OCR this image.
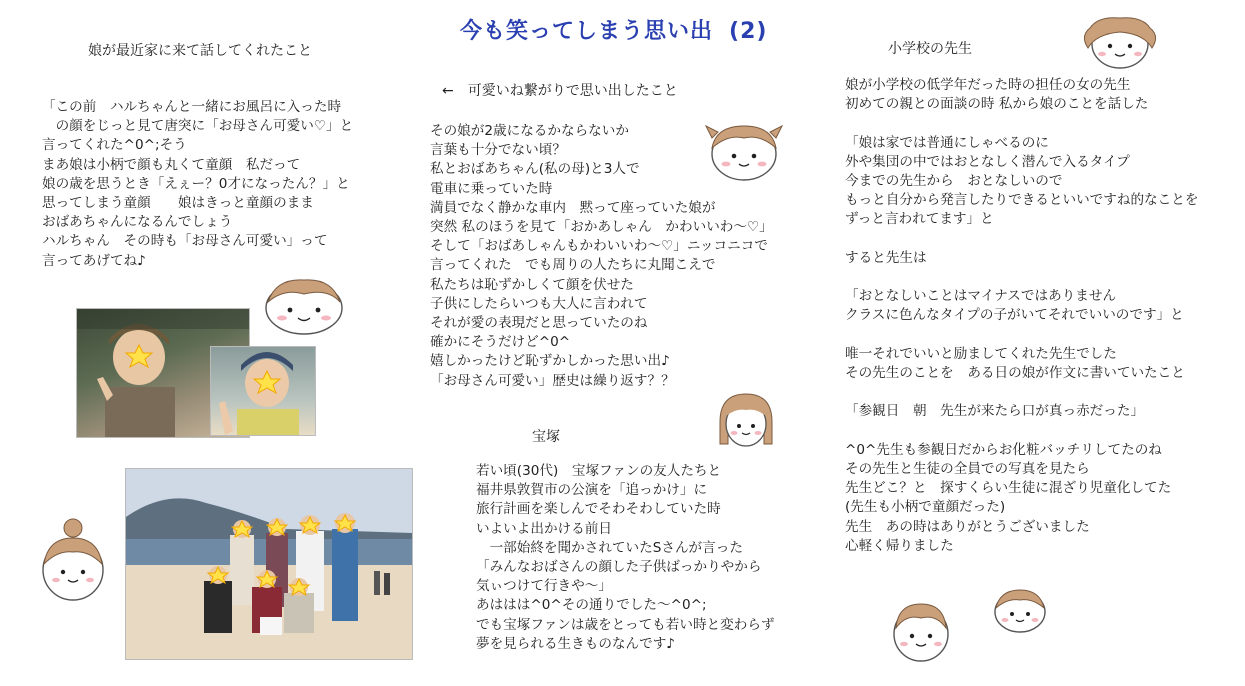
今も笑ってしまう思い出 (2)
娘が最近家に来て話してくれたこと
「この前　ハルちゃんと一緒にお風呂に入った時
　の顔をじっと見て唐突に「お母さん可愛い♡」と
言ってくれた^0^;そう
まあ娘は小柄で顔も丸くて童顔　私だって
娘の歳を思うとき「えぇー？0才になったん？」と
思ってしまう童顔　　娘はきっと童顔のまま
おばあちゃんになるんでしょう
ハルちゃん　その時も「お母さん可愛い」って
言ってあげてね♪
←　可愛いね繋がりで思い出したこと
その娘が2歳になるかならないか
言葉も十分でない頃？
私とおばあちゃん(私の母)と3人で
電車に乗っていた時
満員でなく静かな車内　黙って座っていた娘が
突然 私のほうを見て「おかあしゃん　かわいいわ～♡」
そして「おばあしゃんもかわいいわ～♡」ニッコニコで
言ってくれた　でも周りの人たちに丸聞こえで
私たちは恥ずかしくて顔を伏せた
子供にしたらいつも大人に言われて
それが愛の表現だと思っていたのね
確かにそうだけど^0^
嬉しかったけど恥ずかしかった思い出♪
「お母さん可愛い」歴史は繰り返す？？
宝塚
若い頃(30代)　宝塚ファンの友人たちと
福井県敦賀市の公演を「追っかけ」に
旅行計画を楽しんでそわそわしていた時
いよいよ出かける前日
　一部始終を聞かされていたSさんが言った
「みんなおばさんの顔した子供ばっかりやから
気ぃつけて行きや～」
あははは^0^その通りでした～^0^;
でも宝塚ファンは歳をとっても若い時と変わらず
夢を見られる生きものなんです♪
小学校の先生
娘が小学校の低学年だった時の担任の女の先生
初めての親との面談の時 私から娘のことを話した

「娘は家では普通にしゃべるのに
外や集団の中ではおとなしく潜んで入るタイプ
今までの先生から　おとなしいので
もっと自分から発言したりできるといいですね的なことを
ずっと言われてます」と

すると先生は

「おとなしいことはマイナスではありません
クラスに色んなタイプの子がいてそれでいいのです」と

唯一それでいいと励ましてくれた先生でした
その先生のことを　ある日の娘が作文に書いていたこと

「参観日　朝　先生が来たら口が真っ赤だった」

^0^先生も参観日だからお化粧バッチリしてたのね
その先生と生徒の全員での写真を見たら
先生どこ？と　探すくらい生徒に混ざり児童化してた
(先生も小柄で童顔だった)
先生　あの時はありがとうございました
心軽く帰りました
